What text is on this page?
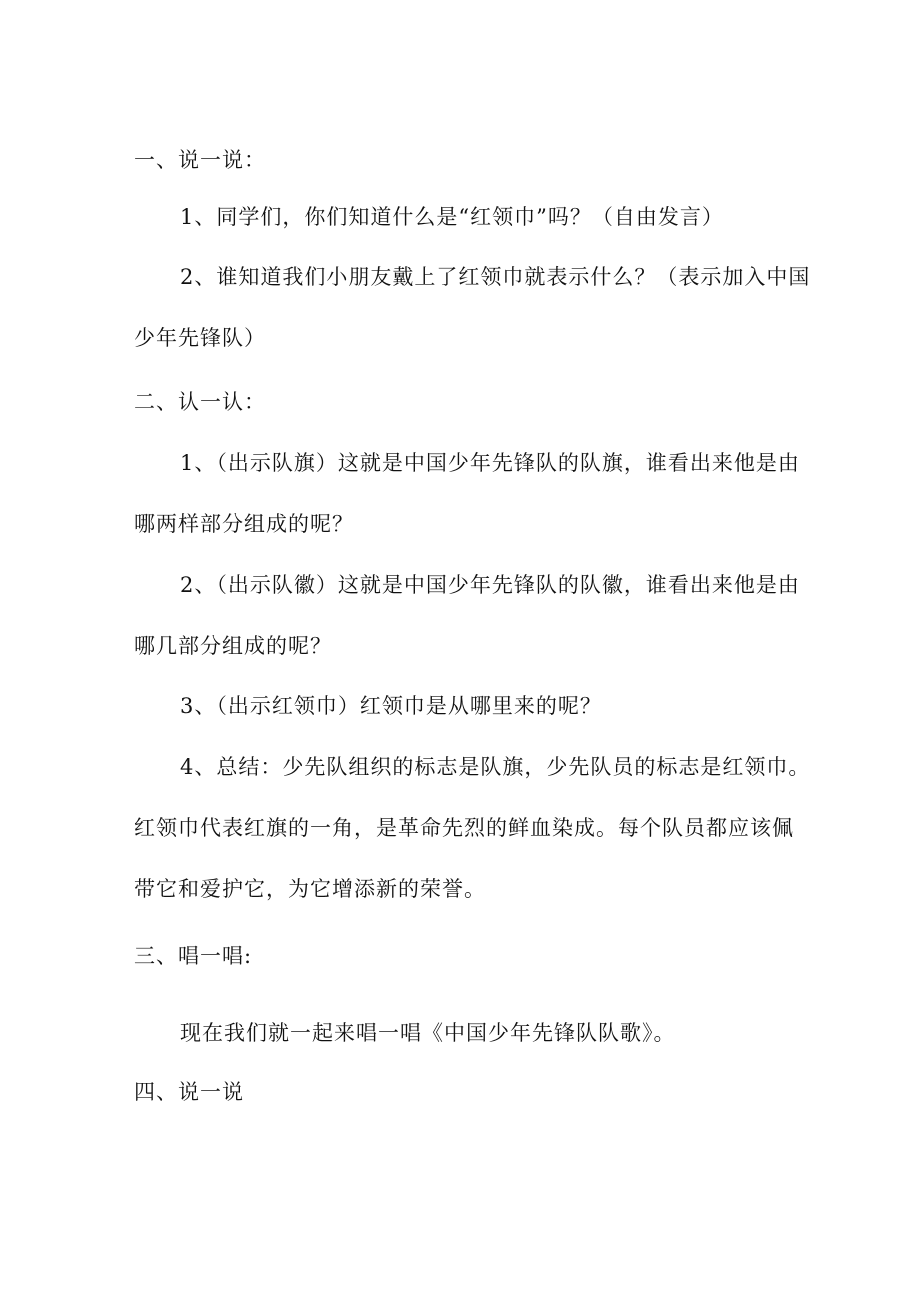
一、说一说：
1、同学们，你们知道什么是“红领巾”吗？（自由发言）
2、谁知道我们小朋友戴上了红领巾就表示什么？（表示加入中国
少年先锋队）
二、认一认：
1、（出示队旗）这就是中国少年先锋队的队旗，谁看出来他是由
哪两样部分组成的呢？
2、（出示队徽）这就是中国少年先锋队的队徽，谁看出来他是由
哪几部分组成的呢？
3、（出示红领巾）红领巾是从哪里来的呢？
4、总结：少先队组织的标志是队旗，少先队员的标志是红领巾。
红领巾代表红旗的一角，是革命先烈的鲜血染成。每个队员都应该佩
带它和爱护它，为它增添新的荣誉。
三、唱一唱:
现在我们就一起来唱一唱《中国少年先锋队队歌》。
四、说一说
